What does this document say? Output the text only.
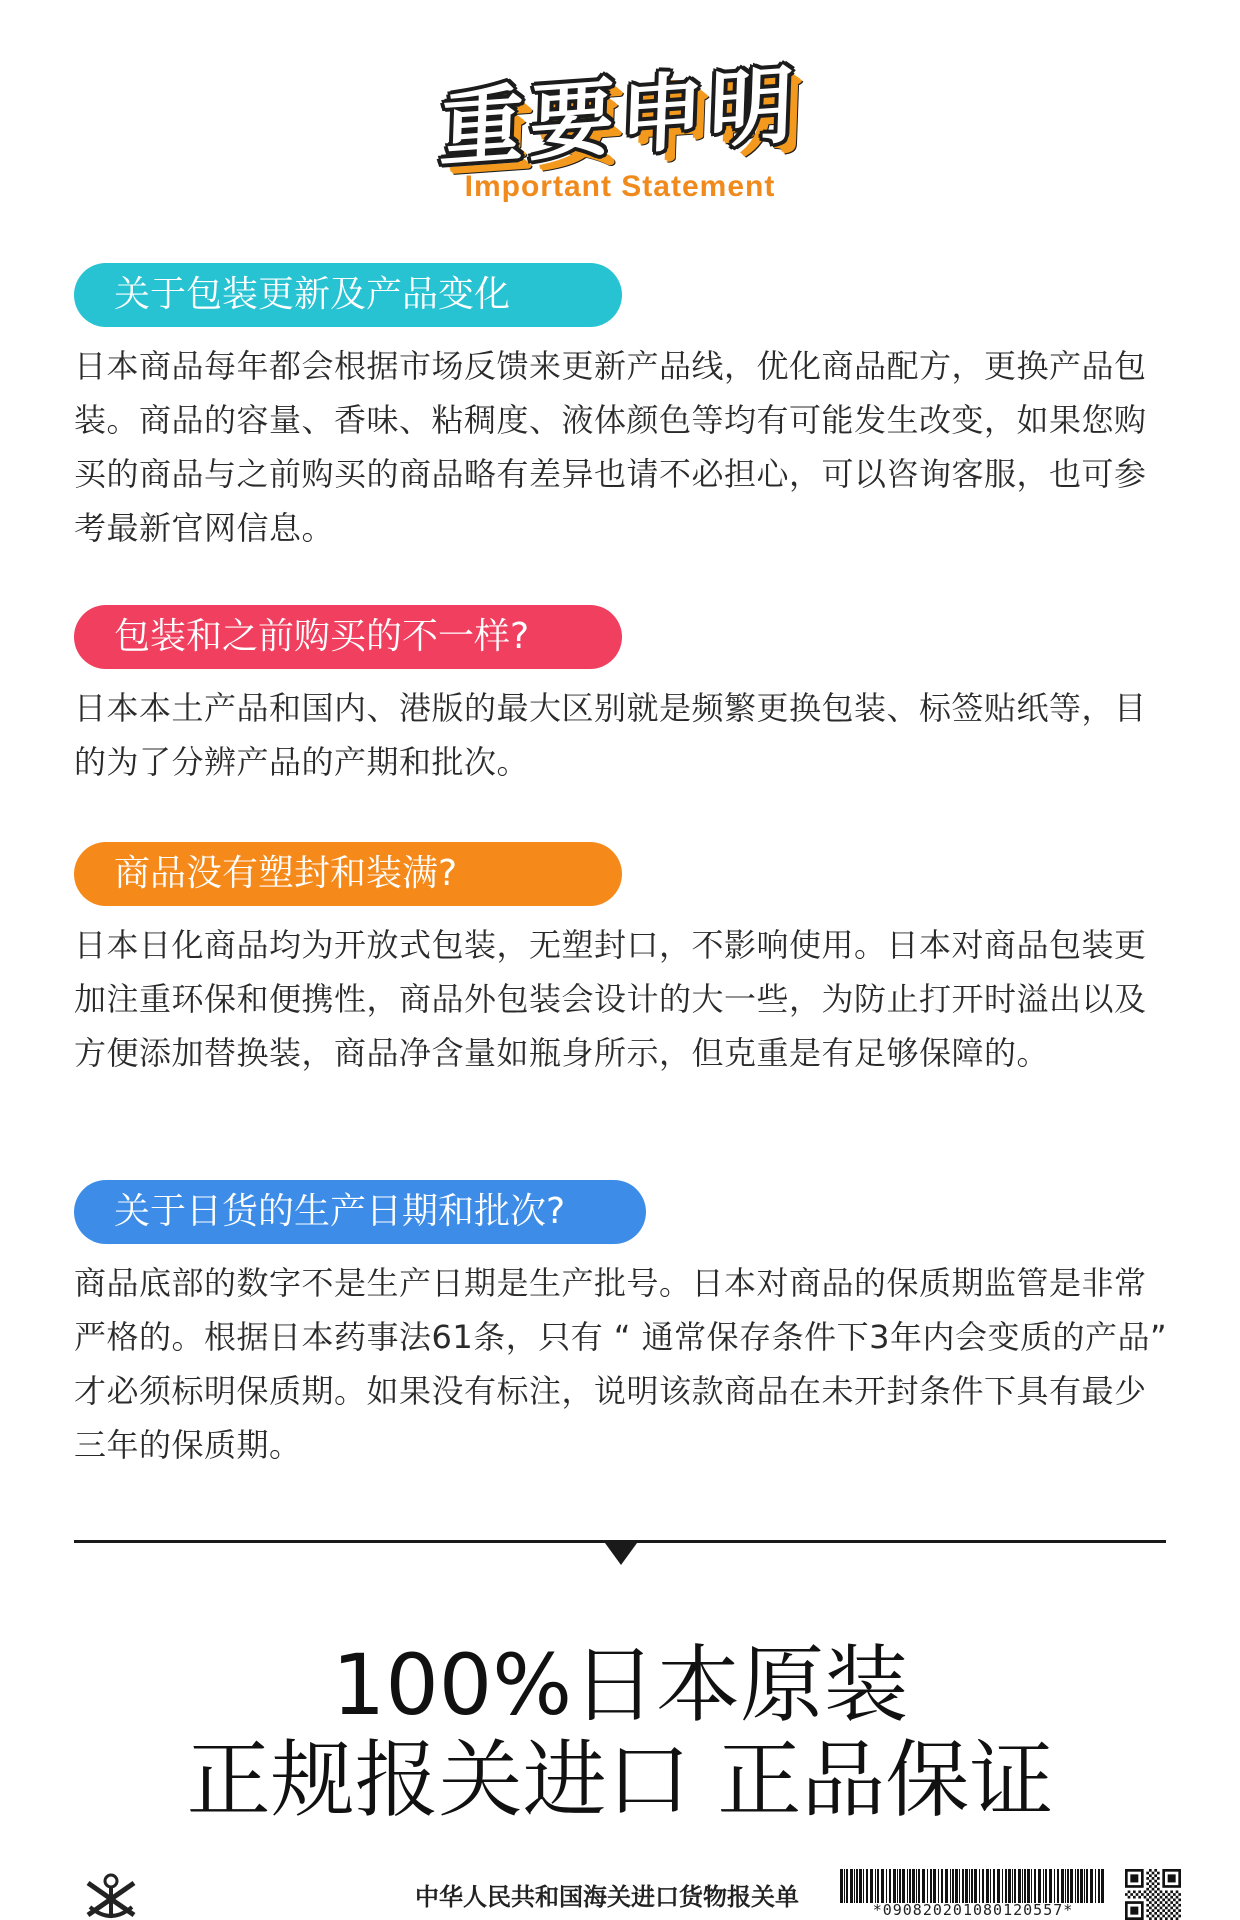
重要申明
Important Statement
关于包装更新及产品变化
日本商品每年都会根据市场反馈来更新产品线，优化商品配方，更换产品包装。商品的容量、香味、粘稠度、液体颜色等均有可能发生改变，如果您购买的商品与之前购买的商品略有差异也请不必担心，可以咨询客服，也可参考最新官网信息。
包装和之前购买的不一样?
日本本土产品和国内、港版的最大区别就是频繁更换包装、标签贴纸等，目的为了分辨产品的产期和批次。
商品没有塑封和装满?
日本日化商品均为开放式包装，无塑封口，不影响使用。日本对商品包装更加注重环保和便携性，商品外包装会设计的大一些，为防止打开时溢出以及方便添加替换装，商品净含量如瓶身所示，但克重是有足够保障的。
关于日货的生产日期和批次?
商品底部的数字不是生产日期是生产批号。日本对商品的保质期监管是非常严格的。根据日本药事法61条，只有 “ 通常保存条件下3年内会变质的产品” 才必须标明保质期。如果没有标注，说明该款商品在未开封条件下具有最少三年的保质期。
100%日本原装
正规报关进口 正品保证
中华人民共和国海关进口货物报关单	*090820201080120557*
